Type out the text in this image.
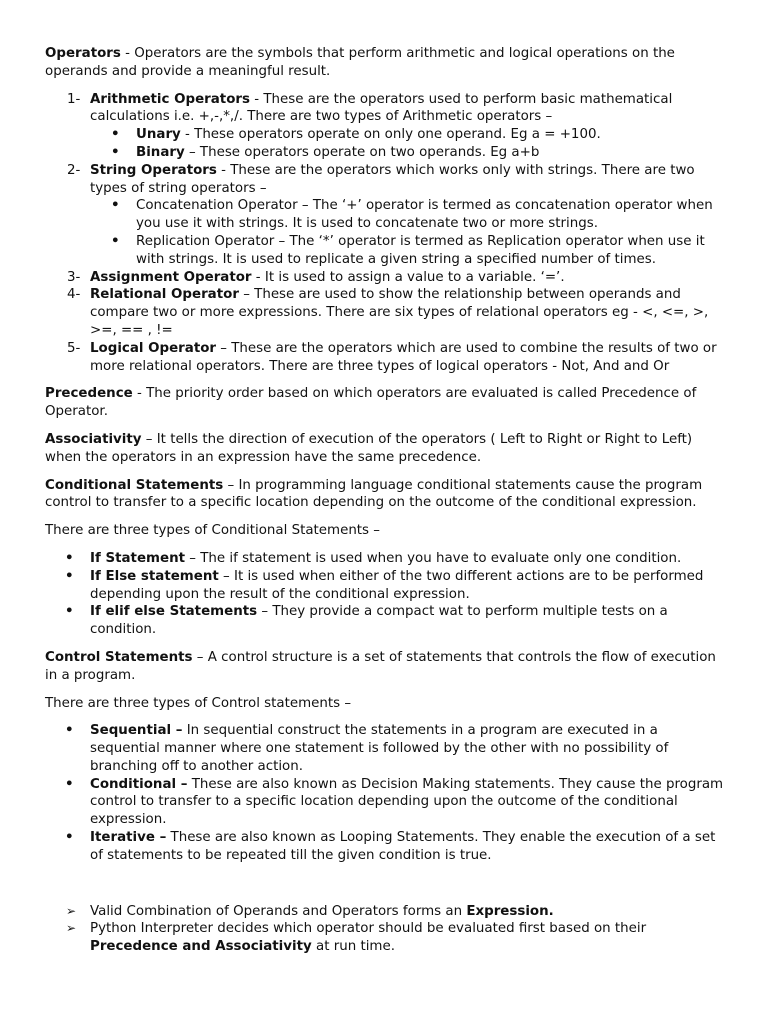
Operators - Operators are the symbols that perform arithmetic and logical operations on the operands and provide a meaningful result.

1- Arithmetic Operators - These are the operators used to perform basic mathematical calculations i.e. +,-,*,/. There are two types of Arithmetic operators –
• Unary - These operators operate on only one operand. Eg a = +100.
• Binary – These operators operate on two operands. Eg a+b
2- String Operators - These are the operators which works only with strings. There are two types of string operators –
• Concatenation Operator – The ‘+’ operator is termed as concatenation operator when you use it with strings. It is used to concatenate two or more strings.
• Replication Operator – The ‘*’ operator is termed as Replication operator when use it with strings. It is used to replicate a given string a specified number of times.
3- Assignment Operator - It is used to assign a value to a variable. ‘=’.
4- Relational Operator – These are used to show the relationship between operands and compare two or more expressions. There are six types of relational operators eg - <, <=, >, >=, == , !=
5- Logical Operator – These are the operators which are used to combine the results of two or more relational operators. There are three types of logical operators - Not, And and Or

Precedence - The priority order based on which operators are evaluated is called Precedence of Operator.

Associativity – It tells the direction of execution of the operators ( Left to Right or Right to Left) when the operators in an expression have the same precedence.

Conditional Statements – In programming language conditional statements cause the program control to transfer to a specific location depending on the outcome of the conditional expression.

There are three types of Conditional Statements –

• If Statement – The if statement is used when you have to evaluate only one condition.
• If Else statement – It is used when either of the two different actions are to be performed depending upon the result of the conditional expression.
• If elif else Statements – They provide a compact wat to perform multiple tests on a condition.

Control Statements – A control structure is a set of statements that controls the flow of execution in a program.

There are three types of Control statements –

• Sequential – In sequential construct the statements in a program are executed in a sequential manner where one statement is followed by the other with no possibility of branching off to another action.
• Conditional – These are also known as Decision Making statements. They cause the program control to transfer to a specific location depending upon the outcome of the conditional expression.
• Iterative – These are also known as Looping Statements. They enable the execution of a set of statements to be repeated till the given condition is true.
➢ Valid Combination of Operands and Operators forms an Expression.
➢ Python Interpreter decides which operator should be evaluated first based on their Precedence and Associativity at run time.
